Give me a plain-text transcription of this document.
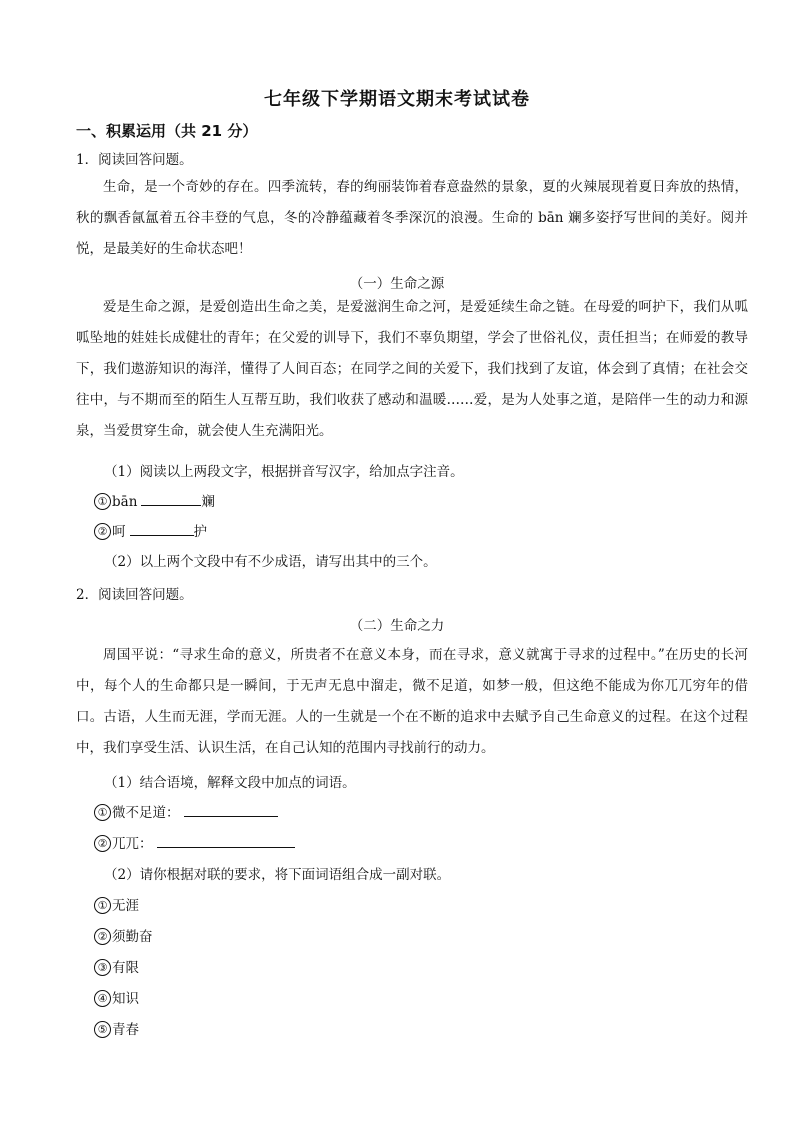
七年级下学期语文期末考试试卷
一、积累运用（共 21 分）
1．阅读回答问题。
生命，是一个奇妙的存在。四季流转，春的绚丽装饰着春意盎然的景象，夏的火辣展现着夏日奔放的热情，秋的飘香氤氲着五谷丰登的气息，冬的冷静蕴藏着冬季深沉的浪漫。生命的 bān 斓多姿抒写世间的美好。阅并悦，是最美好的生命状态吧！
（一）生命之源
爱是生命之源，是爱创造出生命之美，是爱滋润生命之河，是爱延续生命之链。在母爱的呵护下，我们从呱呱坠地的娃娃长成健壮的青年；在父爱的训导下，我们不辜负期望，学会了世俗礼仪，责任担当；在师爱的教导下，我们遨游知识的海洋，懂得了人间百态；在同学之间的关爱下，我们找到了友谊，体会到了真情；在社会交往中，与不期而至的陌生人互帮互助，我们收获了感动和温暖……爱，是为人处事之道，是陪伴一生的动力和源泉，当爱贯穿生命，就会使人生充满阳光。
（1）阅读以上两段文字，根据拼音写汉字，给加点字注音。
① bān	斓
② 呵	护
（2）以上两个文段中有不少成语，请写出其中的三个。
2．阅读回答问题。
（二）生命之力
周国平说：“寻求生命的意义，所贵者不在意义本身，而在寻求，意义就寓于寻求的过程中。”在历史的长河中，每个人的生命都只是一瞬间，于无声无息中溜走，微不足道，如梦一般，但这绝不能成为你兀兀穷年的借口。古语，人生而无涯，学而无涯。人的一生就是一个在不断的追求中去赋予自己生命意义的过程。在这个过程中，我们享受生活、认识生活，在自己认知的范围内寻找前行的动力。
（1）结合语境，解释文段中加点的词语。
① 微不足道：
② 兀兀：
（2）请你根据对联的要求，将下面词语组合成一副对联。
① 无涯
② 须勤奋
③ 有限
④ 知识
⑤ 青春
